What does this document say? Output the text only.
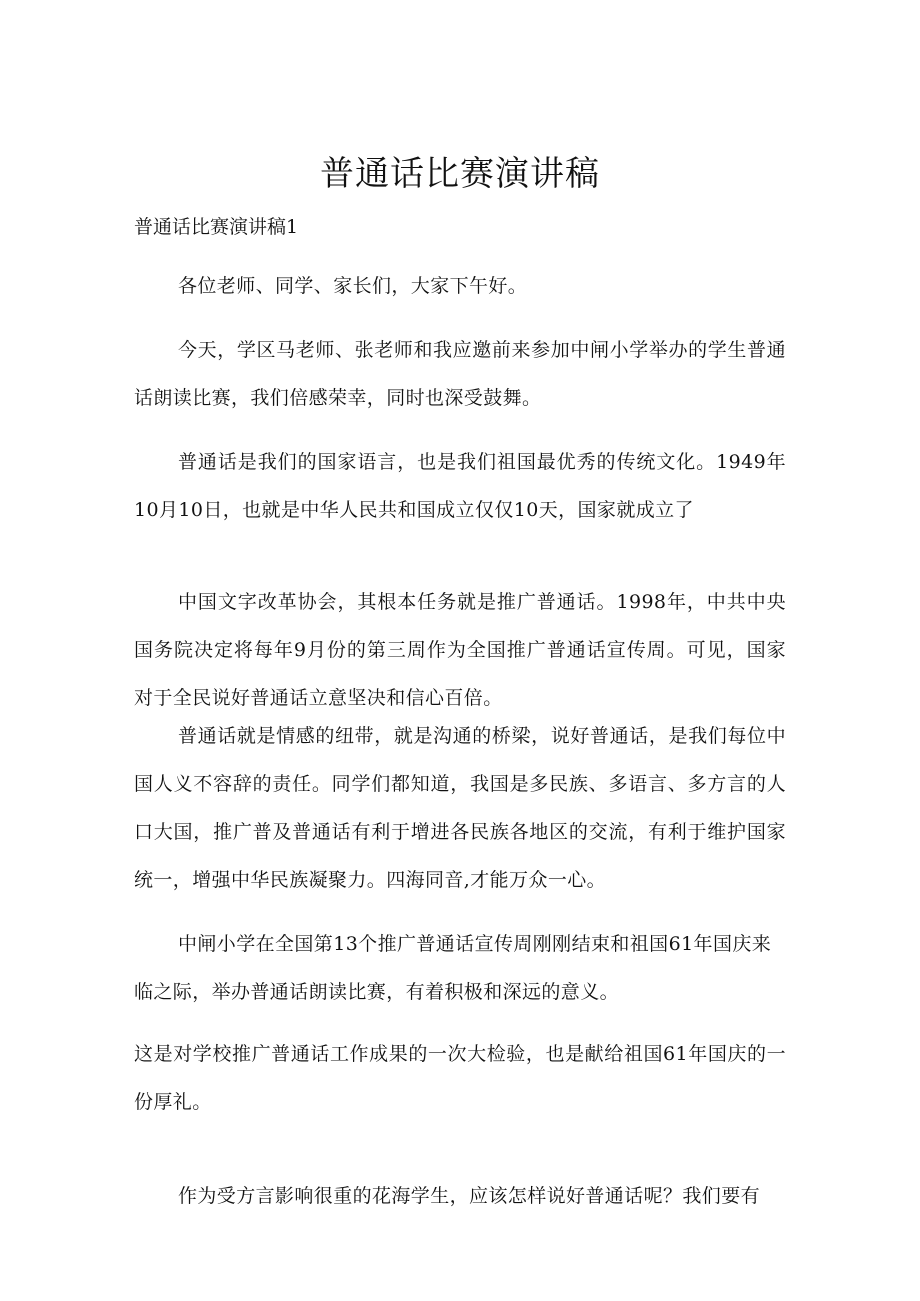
普通话比赛演讲稿
普通话比赛演讲稿1

各位老师、同学、家长们，大家下午好。

今天，学区马老师、张老师和我应邀前来参加中闸小学举办的学生普通话朗读比赛，我们倍感荣幸，同时也深受鼓舞。

普通话是我们的国家语言，也是我们祖国最优秀的传统文化。1949年10月10日，也就是中华人民共和国成立仅仅10天，国家就成立了

中国文字改革协会，其根本任务就是推广普通话。1998年，中共中央国务院决定将每年9月份的第三周作为全国推广普通话宣传周。可见，国家对于全民说好普通话立意坚决和信心百倍。

普通话就是情感的纽带，就是沟通的桥梁，说好普通话，是我们每位中国人义不容辞的责任。同学们都知道，我国是多民族、多语言、多方言的人口大国，推广普及普通话有利于增进各民族各地区的交流，有利于维护国家统一，增强中华民族凝聚力。四海同音,才能万众一心。

中闸小学在全国第13个推广普通话宣传周刚刚结束和祖国61年国庆来临之际，举办普通话朗读比赛，有着积极和深远的意义。

这是对学校推广普通话工作成果的一次大检验，也是献给祖国61年国庆的一份厚礼。

作为受方言影响很重的花海学生，应该怎样说好普通话呢？我们要有
